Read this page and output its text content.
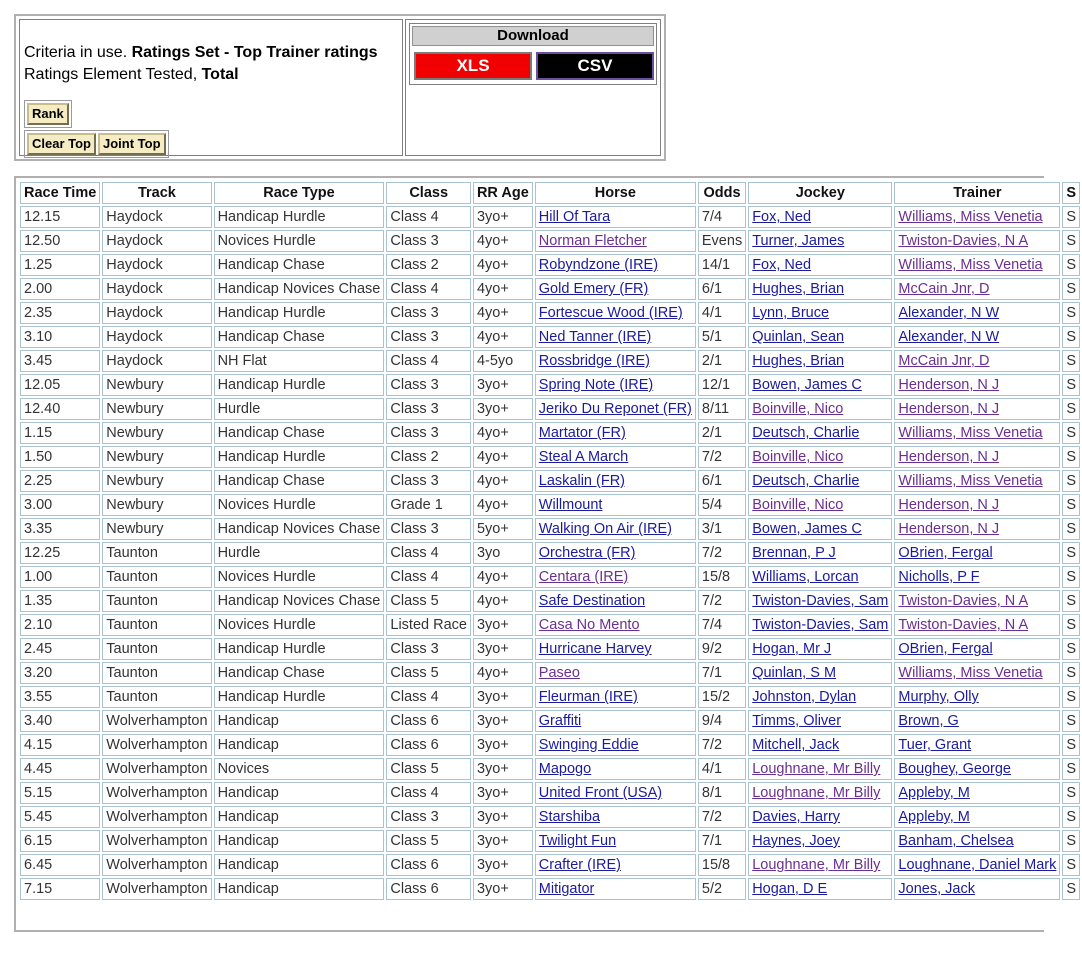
Criteria in use. Ratings Set - Top Trainer ratings
Ratings Element Tested, Total
Rank
Clear Top Joint Top
Download
XLS	CSV
Race Time	Track	Race Type	Class	RR Age	Horse	Odds	Jockey	Trainer	S
12.15	Haydock	Handicap Hurdle	Class 4	3yo+	Hill Of Tara	7/4	Fox, Ned	Williams, Miss Venetia	S
12.50	Haydock	Novices Hurdle	Class 3	4yo+	Norman Fletcher	Evens	Turner, James	Twiston-Davies, N A	S
1.25	Haydock	Handicap Chase	Class 2	4yo+	Robyndzone (IRE)	14/1	Fox, Ned	Williams, Miss Venetia	S
2.00	Haydock	Handicap Novices Chase	Class 4	4yo+	Gold Emery (FR)	6/1	Hughes, Brian	McCain Jnr, D	S
2.35	Haydock	Handicap Hurdle	Class 3	4yo+	Fortescue Wood (IRE)	4/1	Lynn, Bruce	Alexander, N W	S
3.10	Haydock	Handicap Chase	Class 3	4yo+	Ned Tanner (IRE)	5/1	Quinlan, Sean	Alexander, N W	S
3.45	Haydock	NH Flat	Class 4	4-5yo	Rossbridge (IRE)	2/1	Hughes, Brian	McCain Jnr, D	S
12.05	Newbury	Handicap Hurdle	Class 3	3yo+	Spring Note (IRE)	12/1	Bowen, James C	Henderson, N J	S
12.40	Newbury	Hurdle	Class 3	3yo+	Jeriko Du Reponet (FR)	8/11	Boinville, Nico	Henderson, N J	S
1.15	Newbury	Handicap Chase	Class 3	4yo+	Martator (FR)	2/1	Deutsch, Charlie	Williams, Miss Venetia	S
1.50	Newbury	Handicap Hurdle	Class 2	4yo+	Steal A March	7/2	Boinville, Nico	Henderson, N J	S
2.25	Newbury	Handicap Chase	Class 3	4yo+	Laskalin (FR)	6/1	Deutsch, Charlie	Williams, Miss Venetia	S
3.00	Newbury	Novices Hurdle	Grade 1	4yo+	Willmount	5/4	Boinville, Nico	Henderson, N J	S
3.35	Newbury	Handicap Novices Chase	Class 3	5yo+	Walking On Air (IRE)	3/1	Bowen, James C	Henderson, N J	S
12.25	Taunton	Hurdle	Class 4	3yo	Orchestra (FR)	7/2	Brennan, P J	OBrien, Fergal	S
1.00	Taunton	Novices Hurdle	Class 4	4yo+	Centara (IRE)	15/8	Williams, Lorcan	Nicholls, P F	S
1.35	Taunton	Handicap Novices Chase	Class 5	4yo+	Safe Destination	7/2	Twiston-Davies, Sam	Twiston-Davies, N A	S
2.10	Taunton	Novices Hurdle	Listed Race	3yo+	Casa No Mento	7/4	Twiston-Davies, Sam	Twiston-Davies, N A	S
2.45	Taunton	Handicap Hurdle	Class 3	3yo+	Hurricane Harvey	9/2	Hogan, Mr J	OBrien, Fergal	S
3.20	Taunton	Handicap Chase	Class 5	4yo+	Paseo	7/1	Quinlan, S M	Williams, Miss Venetia	S
3.55	Taunton	Handicap Hurdle	Class 4	3yo+	Fleurman (IRE)	15/2	Johnston, Dylan	Murphy, Olly	S
3.40	Wolverhampton	Handicap	Class 6	3yo+	Graffiti	9/4	Timms, Oliver	Brown, G	S
4.15	Wolverhampton	Handicap	Class 6	3yo+	Swinging Eddie	7/2	Mitchell, Jack	Tuer, Grant	S
4.45	Wolverhampton	Novices	Class 5	3yo+	Mapogo	4/1	Loughnane, Mr Billy	Boughey, George	S
5.15	Wolverhampton	Handicap	Class 4	3yo+	United Front (USA)	8/1	Loughnane, Mr Billy	Appleby, M	S
5.45	Wolverhampton	Handicap	Class 3	3yo+	Starshiba	7/2	Davies, Harry	Appleby, M	S
6.15	Wolverhampton	Handicap	Class 5	3yo+	Twilight Fun	7/1	Haynes, Joey	Banham, Chelsea	S
6.45	Wolverhampton	Handicap	Class 6	3yo+	Crafter (IRE)	15/8	Loughnane, Mr Billy	Loughnane, Daniel Mark	S
7.15	Wolverhampton	Handicap	Class 6	3yo+	Mitigator	5/2	Hogan, D E	Jones, Jack	S
